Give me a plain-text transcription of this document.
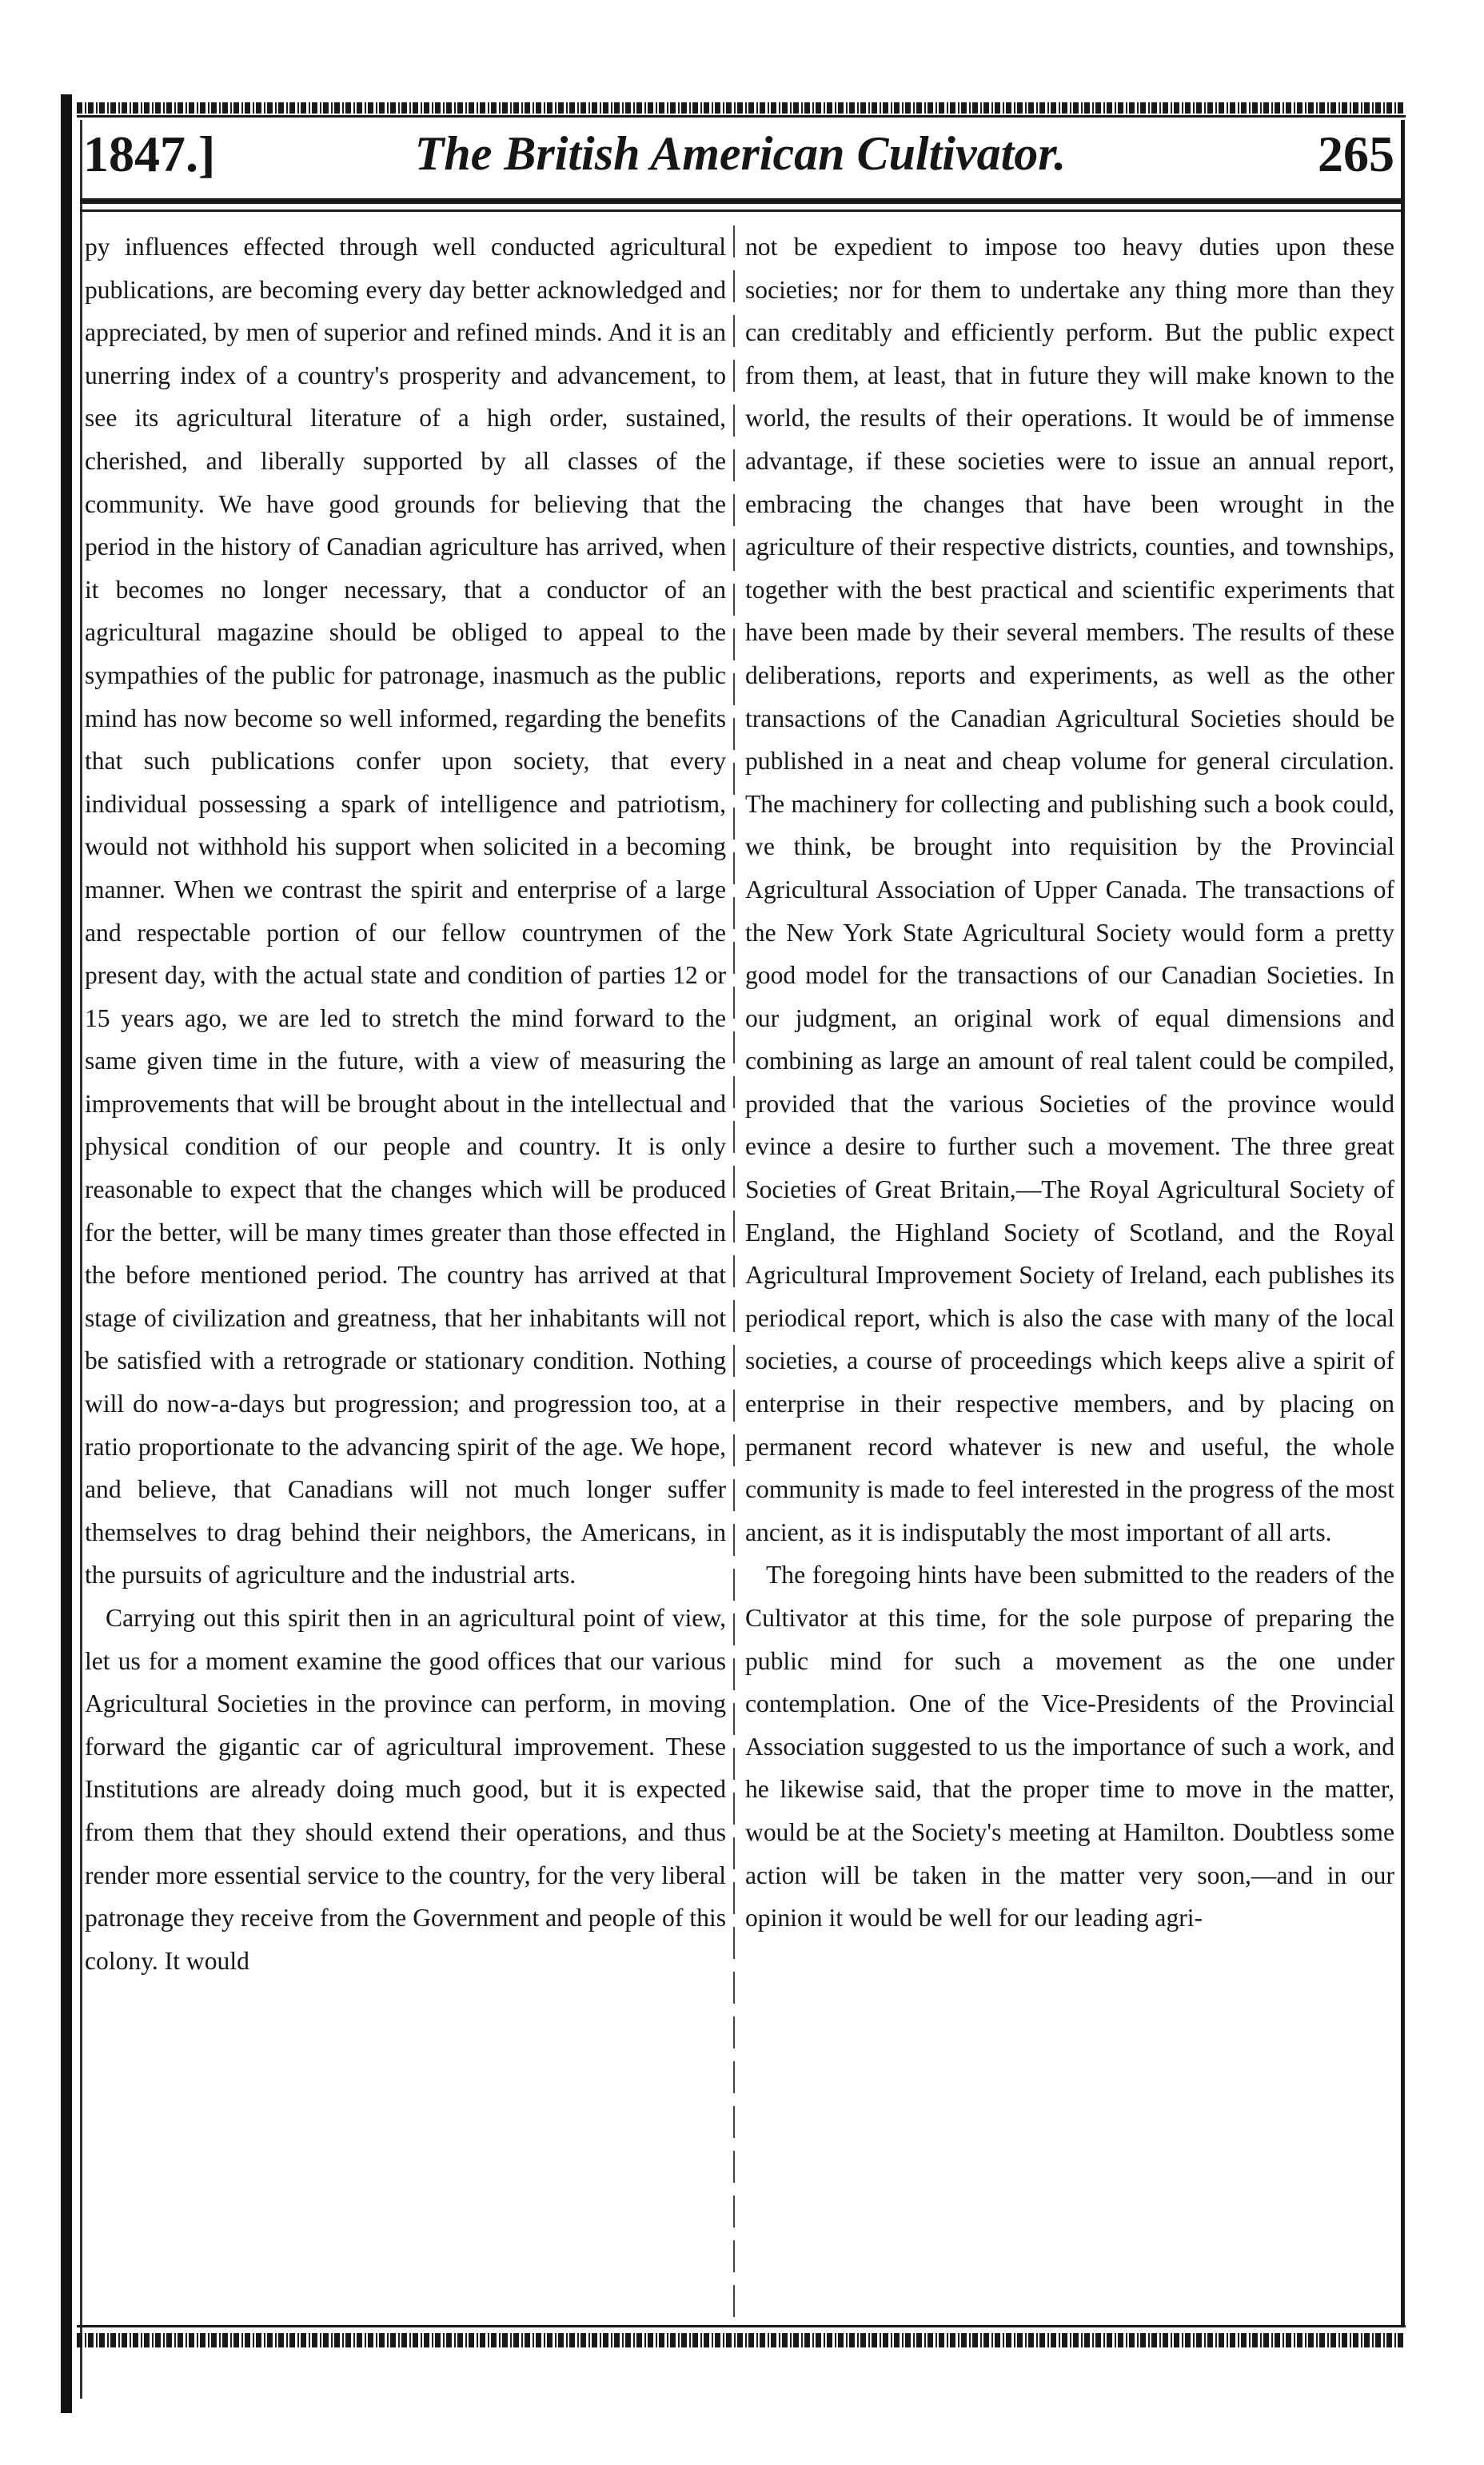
1847.]	The British American Cultivator.	265

py influences effected through well conducted agricultural publications, are becoming every day better acknowledged and appreciated, by men of superior and refined minds. And it is an unerring index of a country's prosperity and advancement, to see its agricultural literature of a high order, sustained, cherished, and liberally supported by all classes of the community. We have good grounds for believing that the period in the history of Canadian agriculture has arrived, when it becomes no longer necessary, that a conductor of an agricultural magazine should be obliged to appeal to the sympathies of the public for patronage, inasmuch as the public mind has now become so well informed, regarding the benefits that such publications confer upon society, that every individual possessing a spark of intelligence and patriotism, would not withhold his support when solicited in a becoming manner. When we contrast the spirit and enterprise of a large and respectable portion of our fellow countrymen of the present day, with the actual state and condition of parties 12 or 15 years ago, we are led to stretch the mind forward to the same given time in the future, with a view of measuring the improvements that will be brought about in the intellectual and physical condition of our people and country. It is only reasonable to expect that the changes which will be produced for the better, will be many times greater than those effected in the before mentioned period. The country has arrived at that stage of civilization and greatness, that her inhabitants will not be satisfied with a retrograde or stationary condition. Nothing will do now-a-days but progression; and progression too, at a ratio proportionate to the advancing spirit of the age. We hope, and believe, that Canadians will not much longer suffer themselves to drag behind their neighbors, the Americans, in the pursuits of agriculture and the industrial arts.

Carrying out this spirit then in an agricultural point of view, let us for a moment examine the good offices that our various Agricultural Societies in the province can perform, in moving forward the gigantic car of agricultural improvement. These Institutions are already doing much good, but it is expected from them that they should extend their operations, and thus render more essential service to the country, for the very liberal patronage they receive from the Government and people of this colony. It would

not be expedient to impose too heavy duties upon these societies; nor for them to undertake any thing more than they can creditably and efficiently perform. But the public expect from them, at least, that in future they will make known to the world, the results of their operations. It would be of immense advantage, if these societies were to issue an annual report, embracing the changes that have been wrought in the agriculture of their respective districts, counties, and townships, together with the best practical and scientific experiments that have been made by their several members. The results of these deliberations, reports and experiments, as well as the other transactions of the Canadian Agricultural Societies should be published in a neat and cheap volume for general circulation. The machinery for collecting and publishing such a book could, we think, be brought into requisition by the Provincial Agricultural Association of Upper Canada. The transactions of the New York State Agricultural Society would form a pretty good model for the transactions of our Canadian Societies. In our judgment, an original work of equal dimensions and combining as large an amount of real talent could be compiled, provided that the various Societies of the province would evince a desire to further such a movement. The three great Societies of Great Britain,—The Royal Agricultural Society of England, the Highland Society of Scotland, and the Royal Agricultural Improvement Society of Ireland, each publishes its periodical report, which is also the case with many of the local societies, a course of proceedings which keeps alive a spirit of enterprise in their respective members, and by placing on permanent record whatever is new and useful, the whole community is made to feel interested in the progress of the most ancient, as it is indisputably the most important of all arts.

The foregoing hints have been submitted to the readers of the Cultivator at this time, for the sole purpose of preparing the public mind for such a movement as the one under contemplation. One of the Vice-Presidents of the Provincial Association suggested to us the importance of such a work, and he likewise said, that the proper time to move in the matter, would be at the Society's meeting at Hamilton. Doubtless some action will be taken in the matter very soon,—and in our opinion it would be well for our leading agri-
